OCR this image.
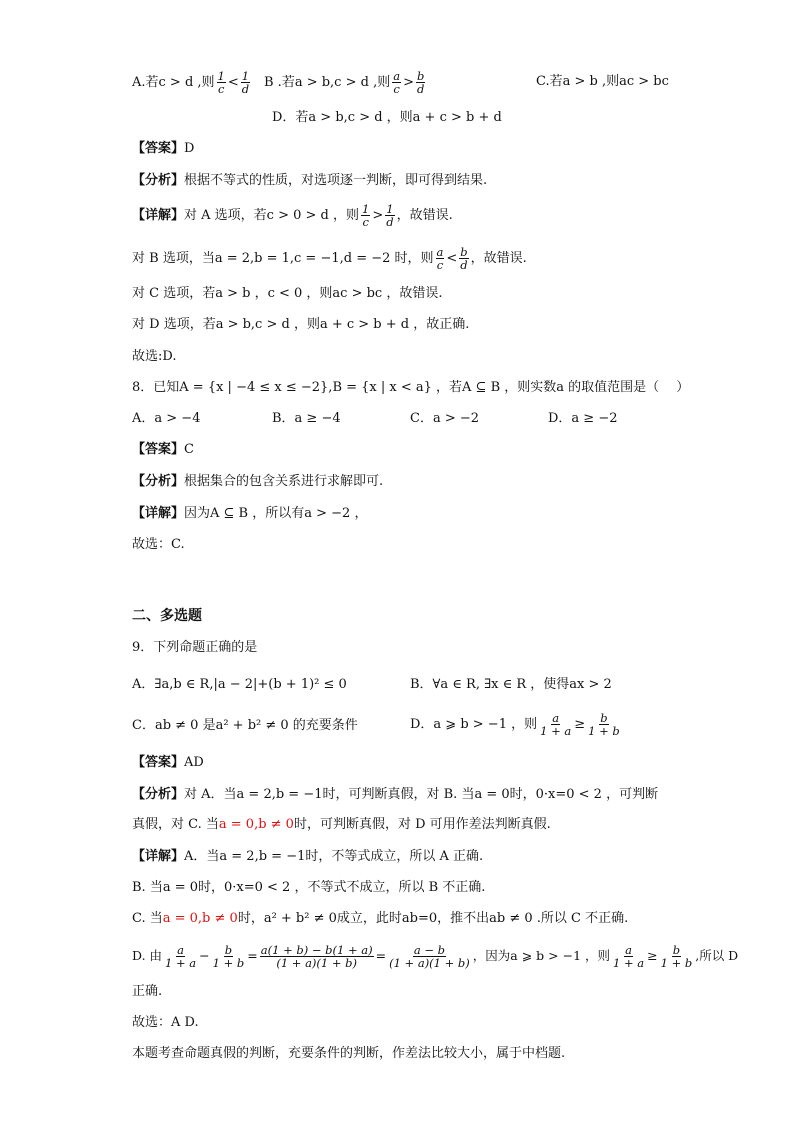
A.若c > d ,则 $\frac{1}{c} < \frac{1}{d}$ B .若a > b,c > d ,则 $\frac{a}{c} > \frac{b}{d}$	C.若a > b ,则ac > bc
D．若a > b,c > d ，则a + c > b + d
【答案】D
【分析】根据不等式的性质，对选项逐一判断，即可得到结果.
【详解】对 A 选项，若c > 0 > d ，则 $\frac{1}{c} > \frac{1}{d}$ ，故错误.
对 B 选项，当a = 2,b = 1,c = −1,d = −2 时，则 $\frac{a}{c} < \frac{b}{d}$ ，故错误.
对 C 选项，若a > b ，c < 0 ，则ac > bc ，故错误.
对 D 选项，若a > b,c > d ，则a + c > b + d ，故正确.
故选:D.
8．已知A = {x | −4 ≤ x ≤ −2},B = {x | x < a} ，若A ⊆ B ，则实数a 的取值范围是（　 ）
A．a > −4	B．a ≥ −4	C．a > −2	D．a ≥ −2
【答案】C
【分析】根据集合的包含关系进行求解即可.
【详解】因为A ⊆ B ，所以有a > −2 ，
故选：C.
二、多选题
9．下列命题正确的是
A．∃a,b ∈ R,|a − 2|+(b + 1)² ≤ 0	B．∀a ∈ R, ∃x ∈ R ，使得ax > 2
C．ab ≠ 0 是a² + b² ≠ 0 的充要条件	D．a ⩾ b > −1 ，则 $\frac{a}{1 + a} \ge \frac{b}{1 + b}$
【答案】AD
【分析】对 A．当a = 2,b = −1时，可判断真假，对 B. 当a = 0时，0·x=0 < 2 ，可判断
真假，对 C. 当a = 0,b ≠ 0时，可判断真假，对 D 可用作差法判断真假.
【详解】A．当a = 2,b = −1时，不等式成立，所以 A 正确.
B. 当a = 0时，0·x=0 < 2 ，不等式不成立，所以 B 不正确.
C. 当a = 0,b ≠ 0时，a² + b² ≠ 0成立，此时ab=0，推不出ab ≠ 0 .所以 C 不正确.
D. 由 $\frac{a}{1 + a} - \frac{b}{1 + b} = \frac{a(1 + b) - b(1 + a)}{(1 + a)(1 + b)} = \frac{a - b}{(1 + a)(1 + b)}$ ，因为a ⩾ b > −1 ，则 $\frac{a}{1 + a} \ge \frac{b}{1 + b}$ ,所以 D
正确.
故选：A D.
本题考查命题真假的判断，充要条件的判断，作差法比较大小，属于中档题.
